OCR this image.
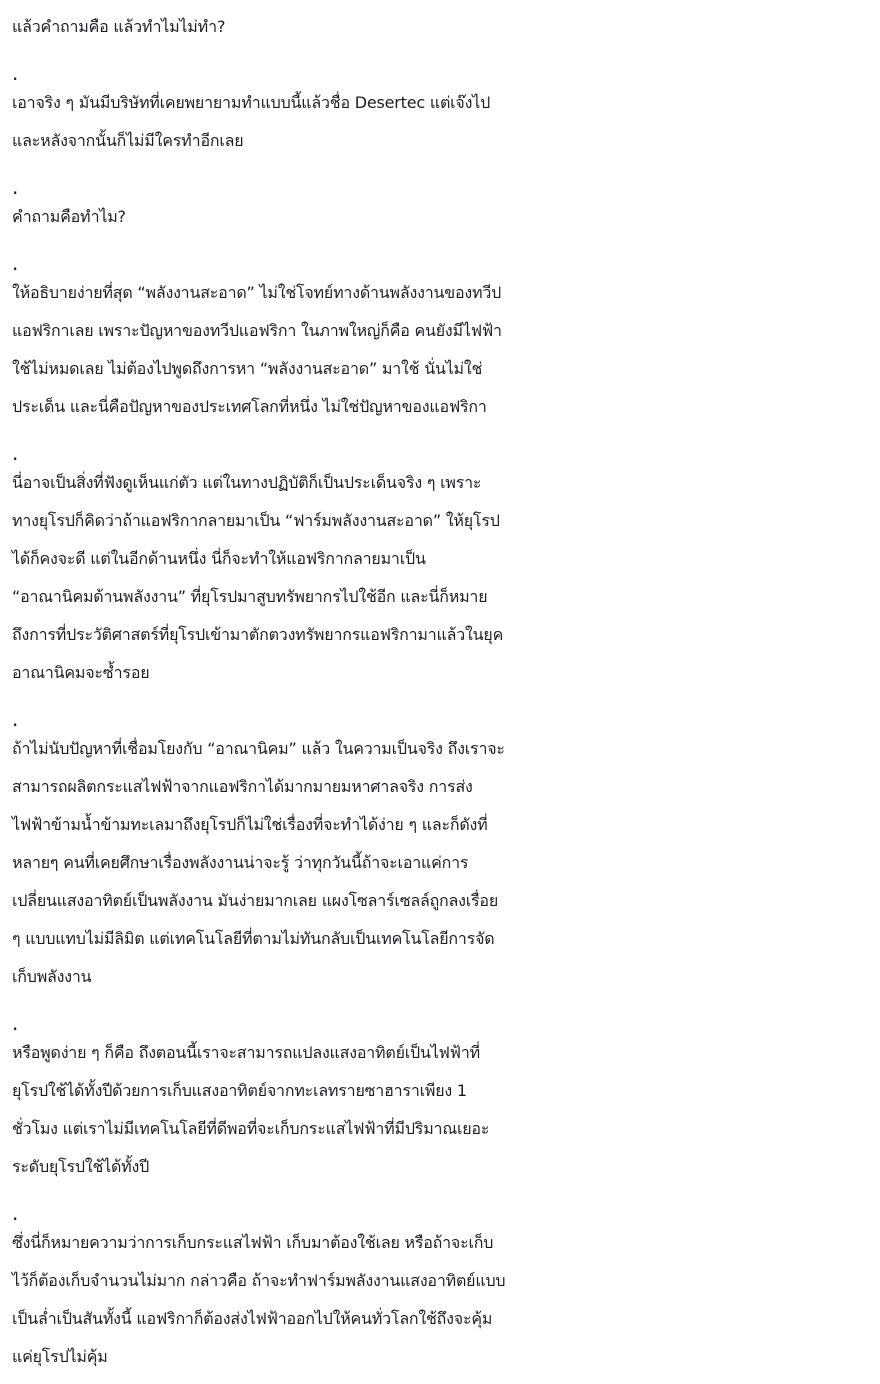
แล้วคำถามคือ แล้วทำไมไม่ทำ?
.
เอาจริง ๆ มันมีบริษัทที่เคยพยายามทำแบบนี้แล้วชื่อ Desertec แต่เจ๊งไป
และหลังจากนั้นก็ไม่มีใครทำอีกเลย
.
คำถามคือทำไม?
.
ให้อธิบายง่ายที่สุด “พลังงานสะอาด” ไม่ใช่โจทย์ทางด้านพลังงานของทวีป
แอฟริกาเลย เพราะปัญหาของทวีปแอฟริกา ในภาพใหญ่ก็คือ คนยังมีไฟฟ้า
ใช้ไม่หมดเลย ไม่ต้องไปพูดถึงการหา “พลังงานสะอาด” มาใช้ นั่นไม่ใช่
ประเด็น และนี่คือปัญหาของประเทศโลกที่หนึ่ง ไม่ใช่ปัญหาของแอฟริกา
.
นี่อาจเป็นสิ่งที่ฟังดูเห็นแก่ตัว แต่ในทางปฏิบัติก็เป็นประเด็นจริง ๆ เพราะ
ทางยุโรปก็คิดว่าถ้าแอฟริกากลายมาเป็น “ฟาร์มพลังงานสะอาด” ให้ยุโรป
ได้ก็คงจะดี แต่ในอีกด้านหนึ่ง นี่ก็จะทำให้แอฟริกากลายมาเป็น
“อาณานิคมด้านพลังงาน” ที่ยุโรปมาสูบทรัพยากรไปใช้อีก และนี่ก็หมาย
ถึงการที่ประวัติศาสตร์ที่ยุโรปเข้ามาตักตวงทรัพยากรแอฟริกามาแล้วในยุค
อาณานิคมจะซ้ำรอย
.
ถ้าไม่นับปัญหาที่เชื่อมโยงกับ “อาณานิคม” แล้ว ในความเป็นจริง ถึงเราจะ
สามารถผลิตกระแสไฟฟ้าจากแอฟริกาได้มากมายมหาศาลจริง การส่ง
ไฟฟ้าข้ามน้ำข้ามทะเลมาถึงยุโรปก็ไม่ใช่เรื่องที่จะทำได้ง่าย ๆ และก็ดังที่
หลายๆ คนที่เคยศึกษาเรื่องพลังงานน่าจะรู้ ว่าทุกวันนี้ถ้าจะเอาแค่การ
เปลี่ยนแสงอาทิตย์เป็นพลังงาน มันง่ายมากเลย แผงโซลาร์เซลล์ถูกลงเรื่อย
ๆ แบบแทบไม่มีลิมิต แต่เทคโนโลยีที่ตามไม่ทันกลับเป็นเทคโนโลยีการจัด
เก็บพลังงาน
.
หรือพูดง่าย ๆ ก็คือ ถึงตอนนี้เราจะสามารถแปลงแสงอาทิตย์เป็นไฟฟ้าที่
ยุโรปใช้ได้ทั้งปีด้วยการเก็บแสงอาทิตย์จากทะเลทรายซาฮาราเพียง 1
ชั่วโมง แต่เราไม่มีเทคโนโลยีที่ดีพอที่จะเก็บกระแสไฟฟ้าที่มีปริมาณเยอะ
ระดับยุโรปใช้ได้ทั้งปี
.
ซึ่งนี่ก็หมายความว่าการเก็บกระแสไฟฟ้า เก็บมาต้องใช้เลย หรือถ้าจะเก็บ
ไว้ก็ต้องเก็บจำนวนไม่มาก กล่าวคือ ถ้าจะทำฟาร์มพลังงานแสงอาทิตย์แบบ
เป็นล่ำเป็นสันทั้งนี้ แอฟริกาก็ต้องส่งไฟฟ้าออกไปให้คนทั่วโลกใช้ถึงจะคุ้ม
แค่ยุโรปไม่คุ้ม
